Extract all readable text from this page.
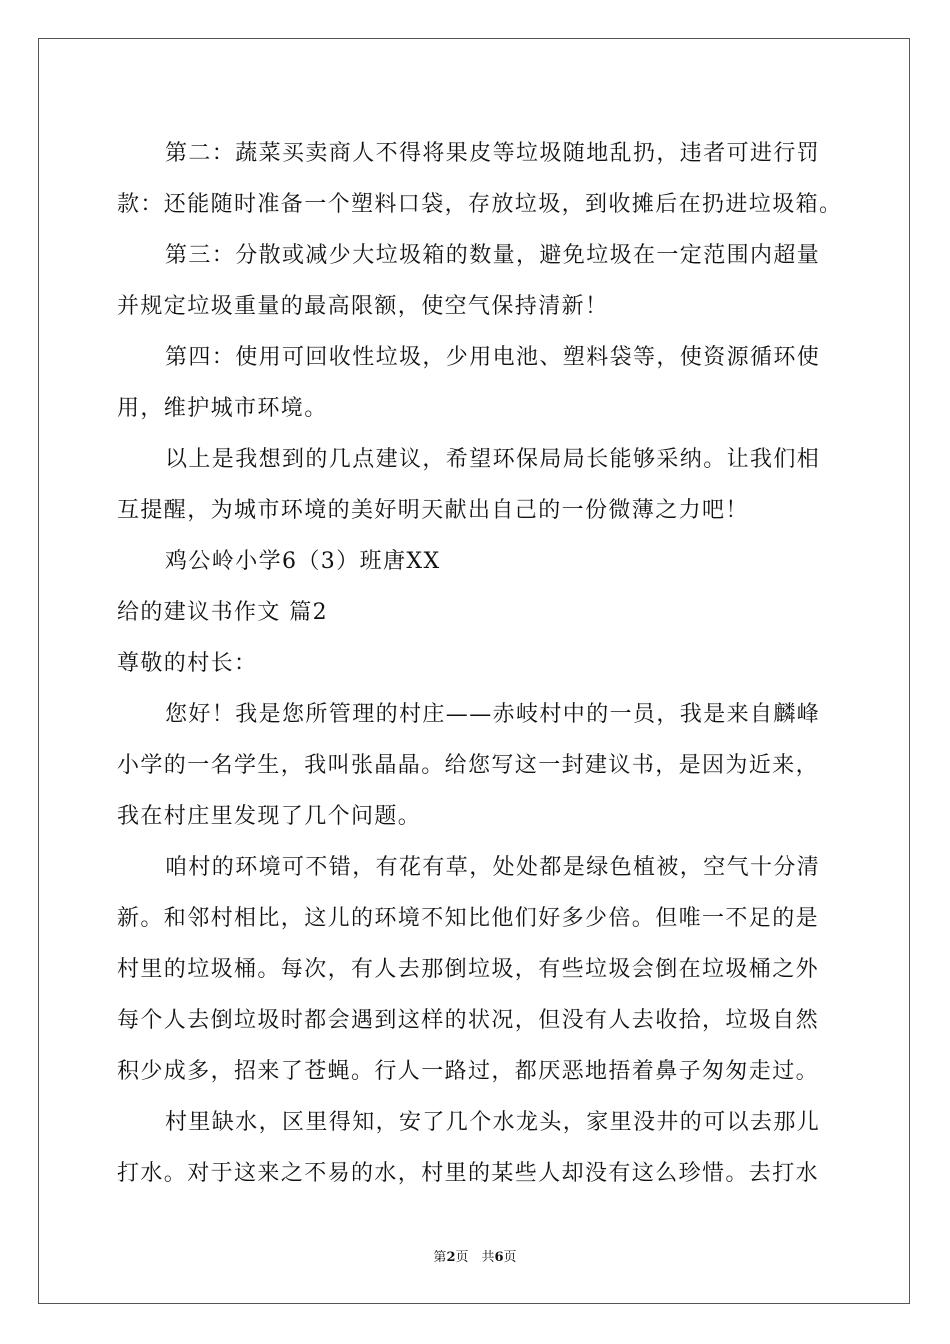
第二：蔬菜买卖商人不得将果皮等垃圾随地乱扔，违者可进行罚
款：还能随时准备一个塑料口袋，存放垃圾，到收摊后在扔进垃圾箱。
第三：分散或减少大垃圾箱的数量，避免垃圾在一定范围内超量
并规定垃圾重量的最高限额，使空气保持清新！
第四：使用可回收性垃圾，少用电池、塑料袋等，使资源循环使
用，维护城市环境。
以上是我想到的几点建议，希望环保局局长能够采纳。让我们相
互提醒，为城市环境的美好明天献出自己的一份微薄之力吧！
鸡公岭小学6（3）班唐XX
给的建议书作文 篇2
尊敬的村长：
您好！我是您所管理的村庄——赤岐村中的一员，我是来自麟峰
小学的一名学生，我叫张晶晶。给您写这一封建议书，是因为近来，
我在村庄里发现了几个问题。
咱村的环境可不错，有花有草，处处都是绿色植被，空气十分清
新。和邻村相比，这儿的环境不知比他们好多少倍。但唯一不足的是
村里的垃圾桶。每次，有人去那倒垃圾，有些垃圾会倒在垃圾桶之外
每个人去倒垃圾时都会遇到这样的状况，但没有人去收拾，垃圾自然
积少成多，招来了苍蝇。行人一路过，都厌恶地捂着鼻子匆匆走过。
村里缺水，区里得知，安了几个水龙头，家里没井的可以去那儿
打水。对于这来之不易的水，村里的某些人却没有这么珍惜。去打水
第2页　共6页
